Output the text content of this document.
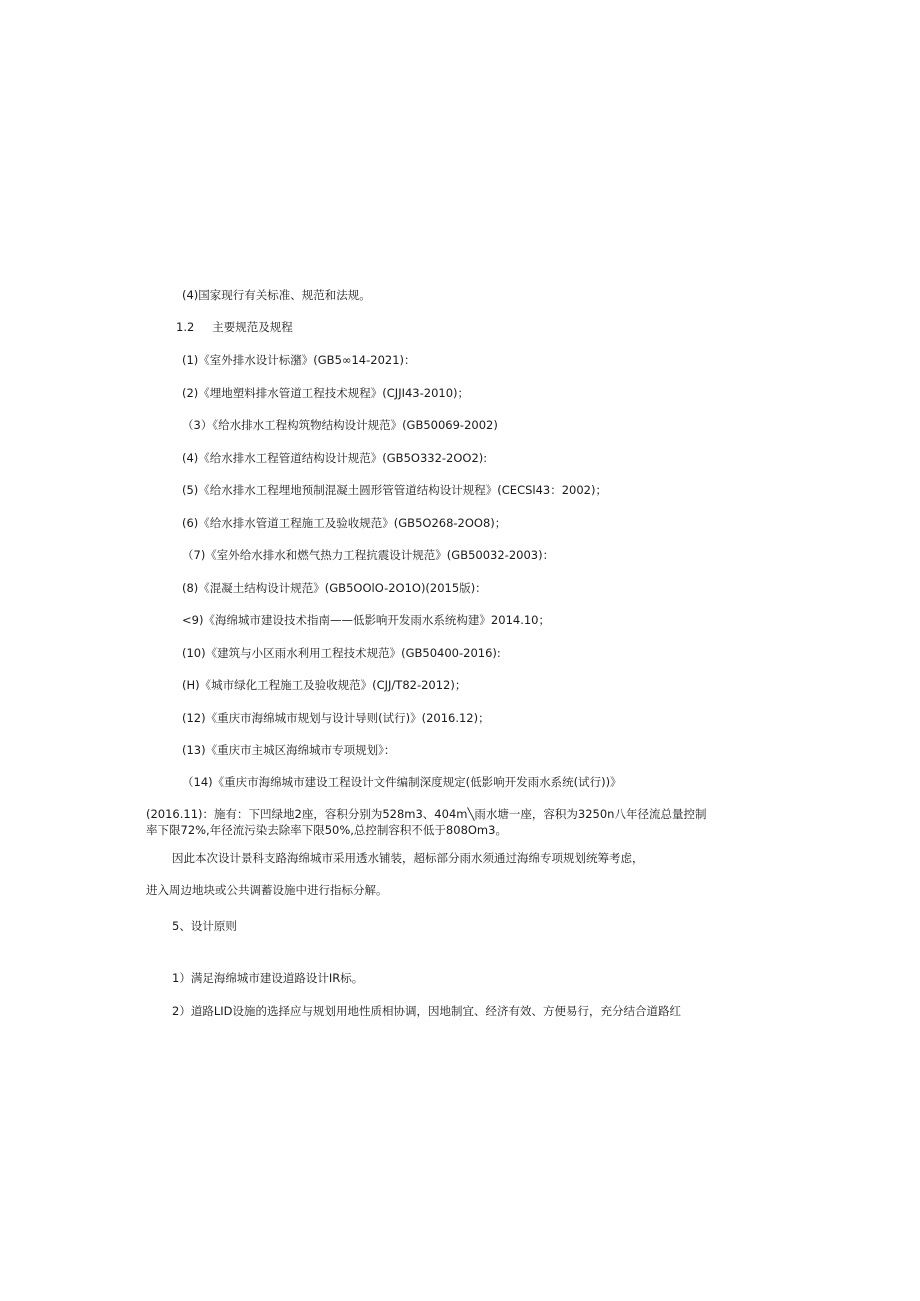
(4)国家现行有关标准、规范和法规。
1.2 主要规范及规程
(1)《室外排水设计标潴》(GB5∞14-2021)：
(2)《埋地塑料排水管道工程技术规程》(CJJI43-2010)；
（3）《给水排水工程构筑物结构设计规范》(GB50069-2002)
(4)《给水排水工程管道结构设计规范》(GB5O332-2OO2):
(5)《给水排水工程埋地预制混凝土圆形管管道结构设计规程》(CECSl43：2002)；
(6)《给水排水管道工程施工及验收规范》(GB5O268-2OO8)；
（7)《室外给水排水和燃气热力工程抗震设计规范》(GB50032-2003)：
(8)《混凝土结构设计规范》(GB5OOlO-2O1O)(2015版)：
<9)《海绵城市建设技术指南——低影响开发雨水系统构建》2014.10；
(10)《建筑与小区雨水利用工程技术规范》(GB50400-2016):
(H)《城市绿化工程施工及验收规范》(CJJ/T82-2012)；
(12)《重庆市海绵城市规划与设计导则(试行)》(2016.12)；
(13)《重庆市主城区海绵城市专项规划》：
（14)《重庆市海绵城市建设工程设计文件编制深度规定(低影响开发雨水系统(试行))》
(2016.11)：施有：下凹绿地2座，容积分别为528m3、404m╲雨水塘一座，容积为3250n八年径流总量控制
率下限72%,年径流污染去除率下限50%,总控制容积不低于808Om3。
因此本次设计景科支路海绵城市采用透水铺装，超标部分雨水须通过海绵专项规划统筹考虑，
进入周边地块或公共调蓄设施中进行指标分解。
5、设计原则
1）满足海绵城市建设道路设计IR标。
2）道路LID设施的选择应与规划用地性质相协调，因地制宜、经济有效、方便易行，充分结合道路红
